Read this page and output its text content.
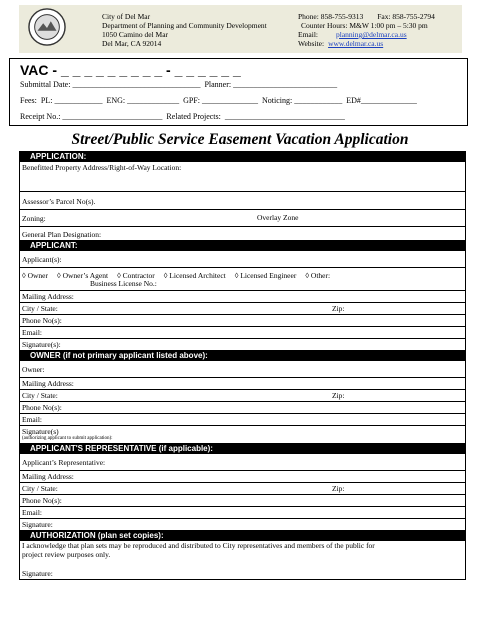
City of Del Mar
Department of Planning and Community Development
1050 Camino del Mar
Del Mar, CA 92014
Phone: 858-755-9313 Fax: 858-755-2794
Counter Hours: M&W 1:00 pm – 5:30 pm
Email: planning@delmar.ca.us
Website: www.delmar.ca.us
VAC - _ _ _ _ _ _ _ _ _ - _ _ _ _ _ _
Submittal Date: ________________________________  Planner: __________________________
Fees:  PL: ____________  ENG: _____________  GPF: ______________  Noticing: ____________  ED#______________
Receipt No.: _________________________  Related Projects:  ______________________________
Street/Public Service Easement Vacation Application
APPLICATION:
Benefitted Property Address/Right-of-Way Location:
Assessor’s Parcel No(s).
Zoning:	Overlay Zone
General Plan Designation:
APPLICANT:
Applicant(s):
◊ Owner ◊ Owner’s Agent ◊ Contractor ◊ Licensed Architect ◊ Licensed Engineer ◊ Other:
Business License No.:
Mailing Address:
City / State:	Zip:
Phone No(s):
Email:
Signature(s):
OWNER (if not primary applicant listed above):
Owner:
Mailing Address:
City / State:	Zip:
Phone No(s):
Email:
Signature(s)
(authorizing applicant to submit application):
APPLICANT'S REPRESENTATIVE (if applicable):
Applicant’s Representative:
Mailing Address:
City / State:	Zip:
Phone No(s):
Email:
Signature:
AUTHORIZATION (plan set copies):
I acknowledge that plan sets may be reproduced and distributed to City representatives and members of the public for
project review purposes only.
Signature:
